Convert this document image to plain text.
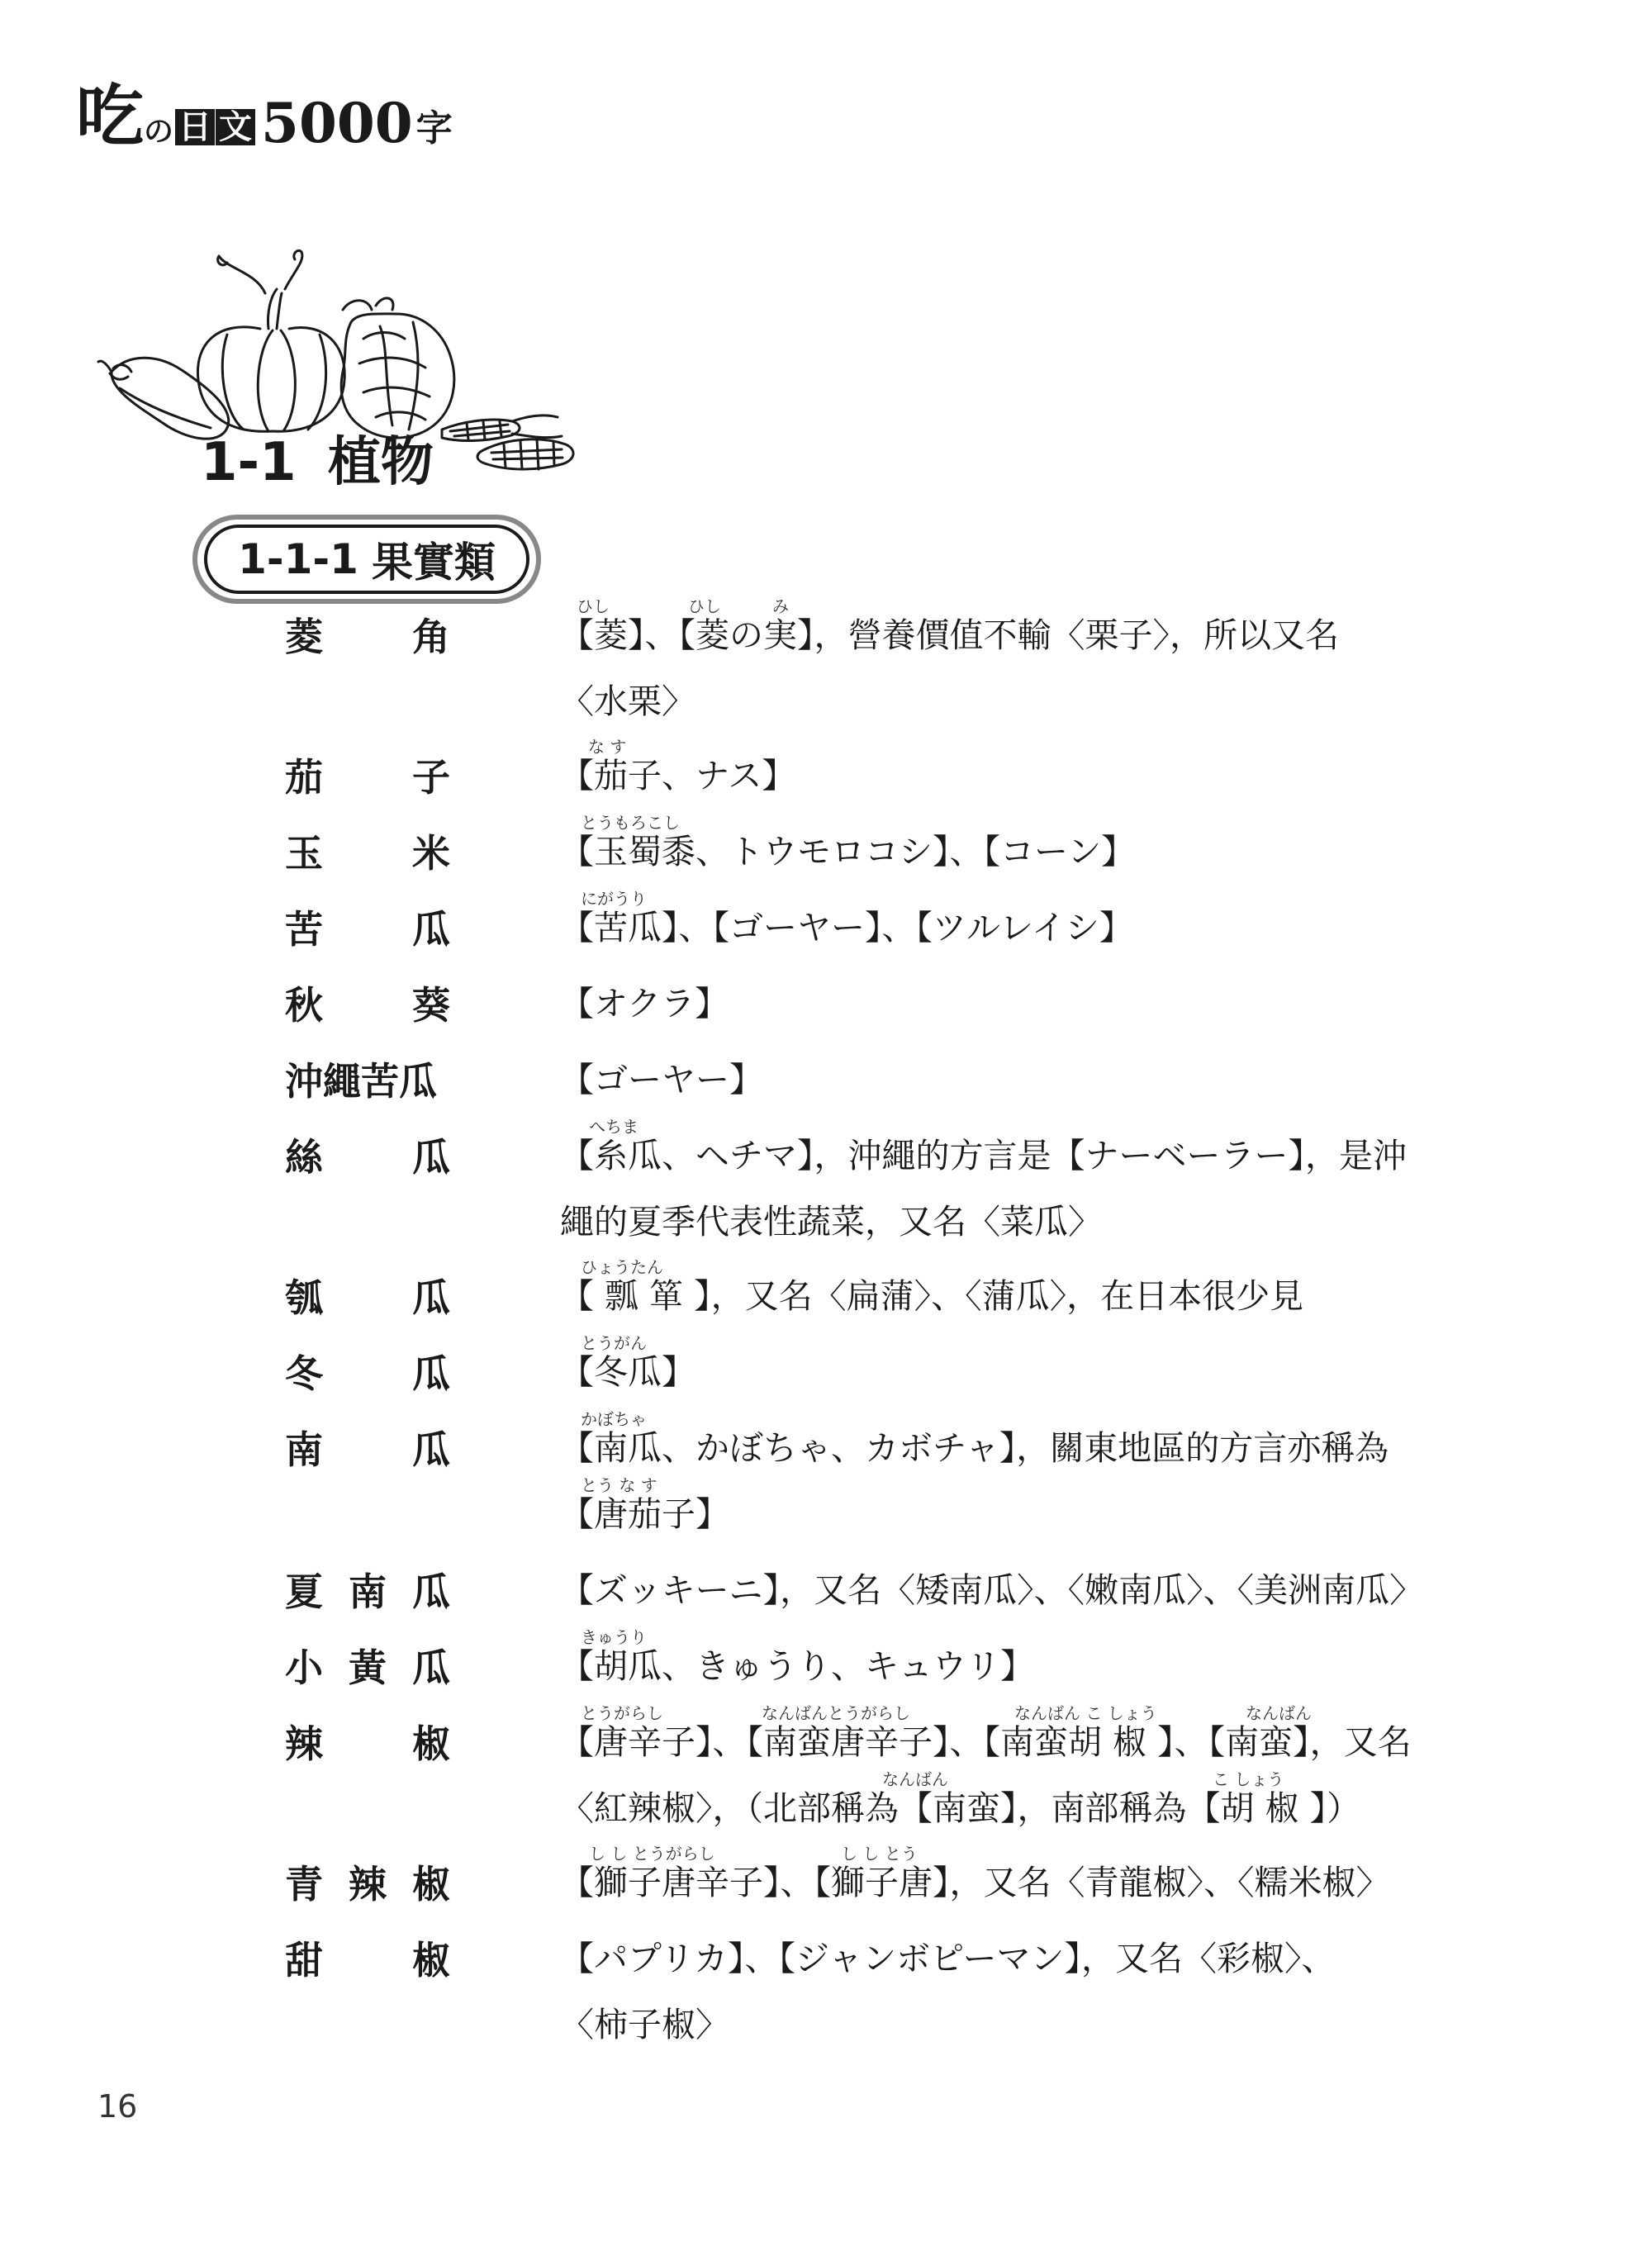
吃 の 日 文 5000 字
1-1 植物
1-1-1 果實類
菱 角	【菱】、【菱の実】，營養價值不輸〈栗子〉，所以又名
〈水栗〉
ひし	ひし	み
茄 子	【茄子、ナス】
な す
玉 米	【玉蜀黍、トウモロコシ】、【コーン】
とうもろこし
苦 瓜	【苦瓜】、【ゴーヤー】、【ツルレイシ】
にがうり
秋 葵	【オクラ】
沖繩苦瓜	【ゴーヤー】
絲 瓜	【糸瓜、ヘチマ】，沖繩的方言是【ナーベーラー】，是沖
繩的夏季代表性蔬菜，又名〈菜瓜〉
へちま
瓠 瓜	【 瓢 箪 】，又名〈扁蒲〉、〈蒲瓜〉，在日本很少見
ひょうたん
冬 瓜	【冬瓜】
とうがん
南 瓜	【南瓜、かぼちゃ、カボチャ】，關東地區的方言亦稱為
【唐茄子】
かぼちゃ
とう な す
夏 南 瓜	【ズッキーニ】，又名〈矮南瓜〉、〈嫩南瓜〉、〈美洲南瓜〉
小 黃 瓜	【胡瓜、きゅうり、キュウリ】
きゅうり
辣 椒	【唐辛子】、【南蛮唐辛子】、【南蛮胡 椒 】、【南蛮】，又名
〈紅辣椒〉，（北部稱為【南蛮】，南部稱為【胡 椒 】）
とうがらし	なんばんとうがらし	なんばん こ しょう	なんばん
なんばん	こ しょう
青 辣 椒	【獅子唐辛子】、【獅子唐】，又名〈青龍椒〉、〈糯米椒〉
し し とうがらし	し し とう
甜 椒	【パプリカ】、【ジャンボピーマン】，又名〈彩椒〉、
〈柿子椒〉
16
